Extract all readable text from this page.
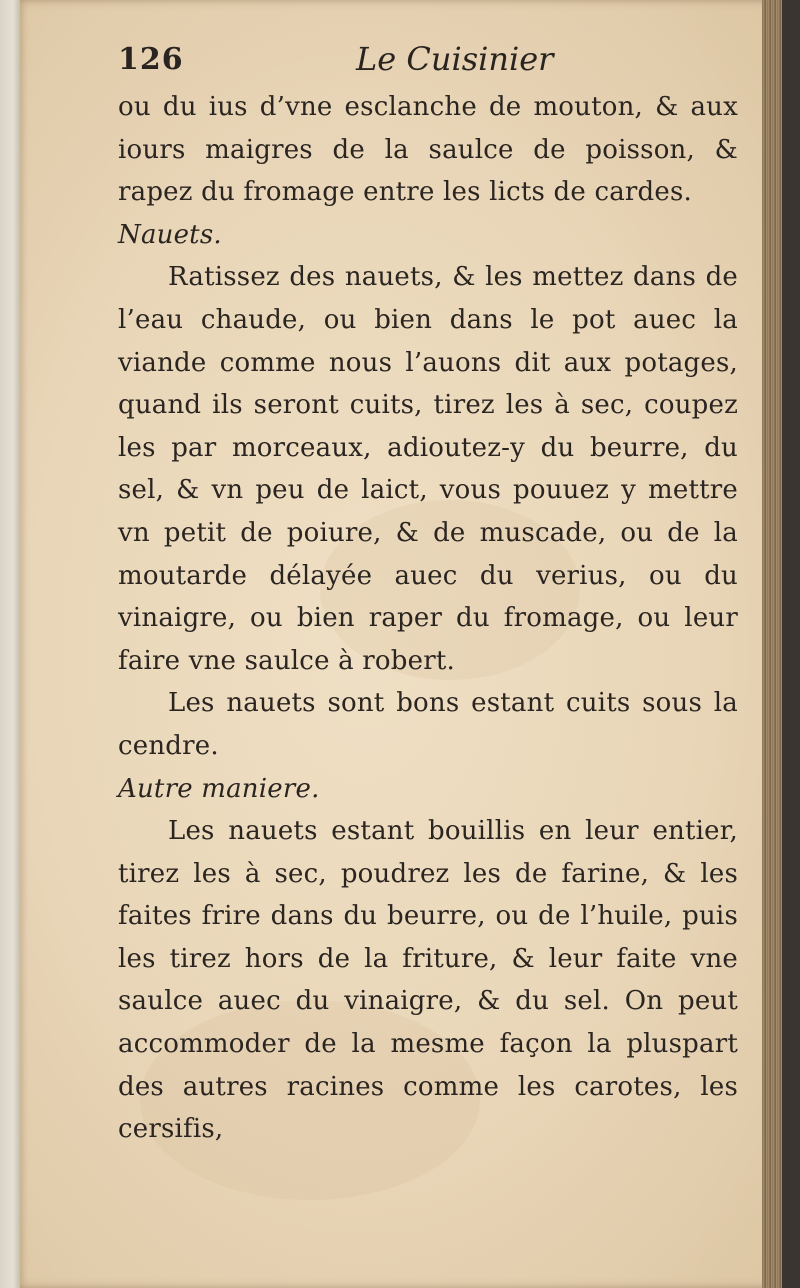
126	Le Cuisinier

ou du ius d’vne esclanche de mouton, & aux iours maigres de la saulce de poisson, & rapez du fromage entre les licts de cardes.

Nauets.

Ratissez des nauets, & les mettez dans de l’eau chaude, ou bien dans le pot auec la viande comme nous l’auons dit aux potages, quand ils seront cuits, tirez les à sec, coupez les par morceaux, adioutez-y du beurre, du sel, & vn peu de laict, vous pouuez y mettre vn petit de poiure, & de muscade, ou de la moutarde délayée auec du verius, ou du vinaigre, ou bien raper du fromage, ou leur faire vne saulce à robert.

Les nauets sont bons estant cuits sous la cendre.

Autre maniere.

Les nauets estant bouillis en leur entier, tirez les à sec, poudrez les de farine, & les faites frire dans du beurre, ou de l’huile, puis les tirez hors de la friture, & leur faite vne saulce auec du vinaigre, & du sel. On peut accommoder de la mesme façon la pluspart des autres racines comme les carotes, les cersifis,
